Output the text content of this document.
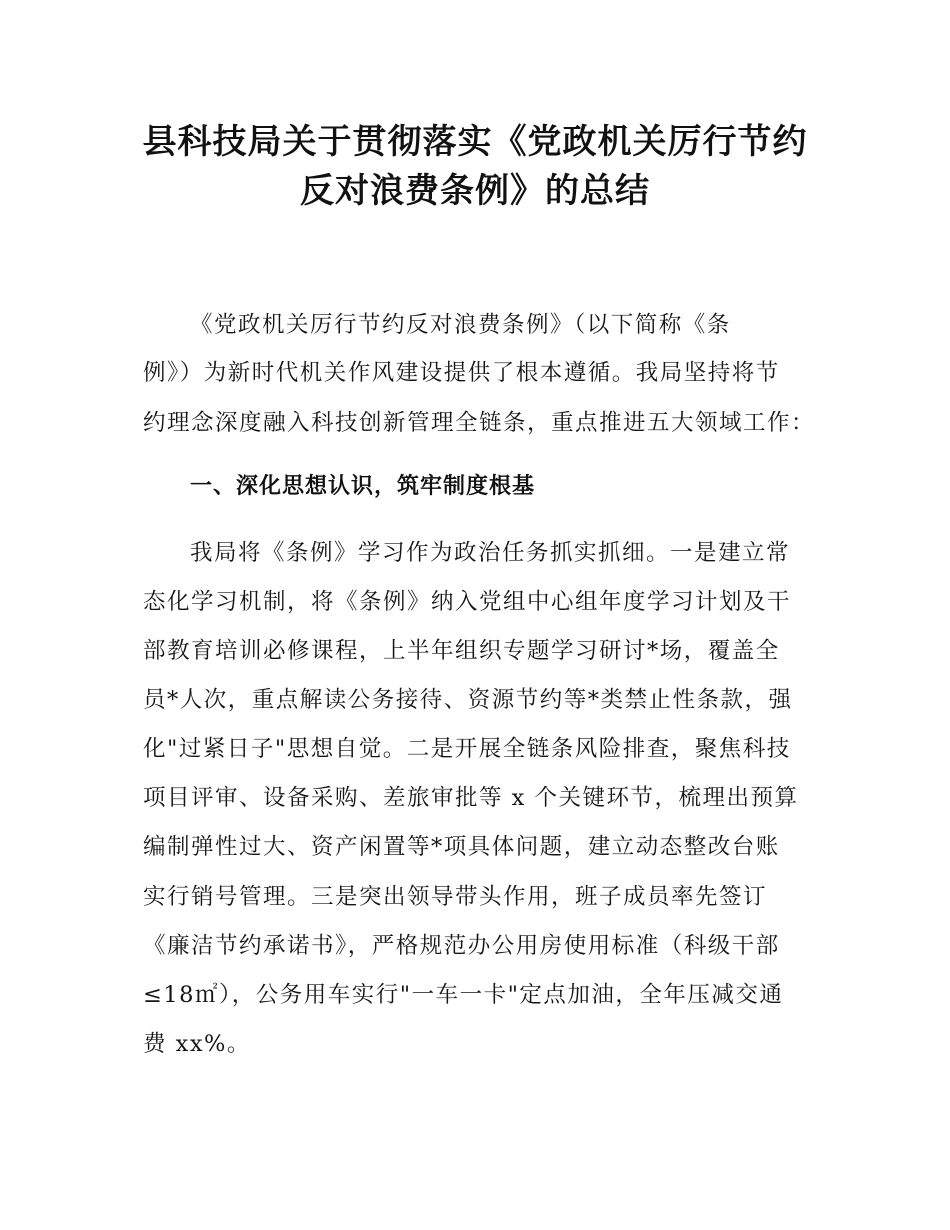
县科技局关于贯彻落实《党政机关厉行节约
反对浪费条例》的总结
《党政机关厉行节约反对浪费条例》（以下简称《条
例》）为新时代机关作风建设提供了根本遵循。我局坚持将节
约理念深度融入科技创新管理全链条，重点推进五大领域工作：
一、深化思想认识，筑牢制度根基
我局将《条例》学习作为政治任务抓实抓细。一是建立常
态化学习机制，将《条例》纳入党组中心组年度学习计划及干
部教育培训必修课程，上半年组织专题学习研讨*场，覆盖全
员*人次，重点解读公务接待、资源节约等*类禁止性条款，强
化"过紧日子"思想自觉。二是开展全链条风险排查，聚焦科技
项目评审、设备采购、差旅审批等 x 个关键环节，梳理出预算
编制弹性过大、资产闲置等*项具体问题，建立动态整改台账
实行销号管理。三是突出领导带头作用，班子成员率先签订
《廉洁节约承诺书》，严格规范办公用房使用标准（科级干部
≤18㎡），公务用车实行"一车一卡"定点加油，全年压减交通
费 xx%。
